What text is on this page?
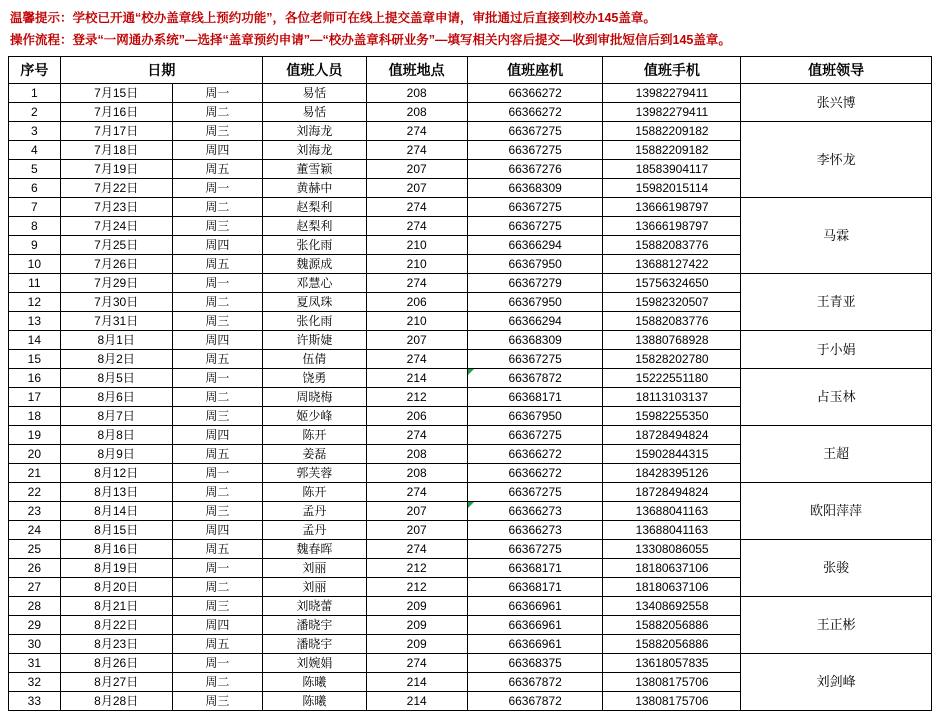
温馨提示：学校已开通“校办盖章线上预约功能”，各位老师可在线上提交盖章申请，审批通过后直接到校办145盖章。
操作流程：登录“一网通办系统”—选择“盖章预约申请”—“校办盖章科研业务”—填写相关内容后提交—收到审批短信后到145盖章。
序号	日期		值班人员	值班地点	值班座机	值班手机	值班领导
1	7月15日	周一	易恬	208	66366272	13982279411	张兴博
2	7月16日	周二	易恬	208	66366272	13982279411	
3	7月17日	周三	刘海龙	274	66367275	15882209182	李怀龙
4	7月18日	周四	刘海龙	274	66367275	15882209182	
5	7月19日	周五	董雪颖	207	66367276	18583904117	
6	7月22日	周一	黄赫中	207	66368309	15982015114	
7	7月23日	周二	赵梨利	274	66367275	13666198797	马霖
8	7月24日	周三	赵梨利	274	66367275	13666198797	
9	7月25日	周四	张化雨	210	66366294	15882083776	
10	7月26日	周五	魏源成	210	66367950	13688127422	
11	7月29日	周一	邓慧心	274	66367279	15756324650	王青亚
12	7月30日	周二	夏凤珠	206	66367950	15982320507	
13	7月31日	周三	张化雨	210	66366294	15882083776	
14	8月1日	周四	许斯婕	207	66368309	13880768928	于小娟
15	8月2日	周五	伍倩	274	66367275	15828202780	
16	8月5日	周一	饶勇	214	66367872	15222551180	占玉林
17	8月6日	周二	周晓梅	212	66368171	18113103137	
18	8月7日	周三	姬少峰	206	66367950	15982255350	
19	8月8日	周四	陈开	274	66367275	18728494824	王超
20	8月9日	周五	姜磊	208	66366272	15902844315	
21	8月12日	周一	郭芙蓉	208	66366272	18428395126	
22	8月13日	周二	陈开	274	66367275	18728494824	欧阳萍萍
23	8月14日	周三	孟丹	207	66366273	13688041163	
24	8月15日	周四	孟丹	207	66366273	13688041163	
25	8月16日	周五	魏春晖	274	66367275	13308086055	张骏
26	8月19日	周一	刘丽	212	66368171	18180637106	
27	8月20日	周二	刘丽	212	66368171	18180637106	
28	8月21日	周三	刘晓蕾	209	66366961	13408692558	王正彬
29	8月22日	周四	潘晓宇	209	66366961	15882056886	
30	8月23日	周五	潘晓宇	209	66366961	15882056886	
31	8月26日	周一	刘婉娟	274	66368375	13618057835	刘剑峰
32	8月27日	周二	陈曦	214	66367872	13808175706	
33	8月28日	周三	陈曦	214	66367872	13808175706	
